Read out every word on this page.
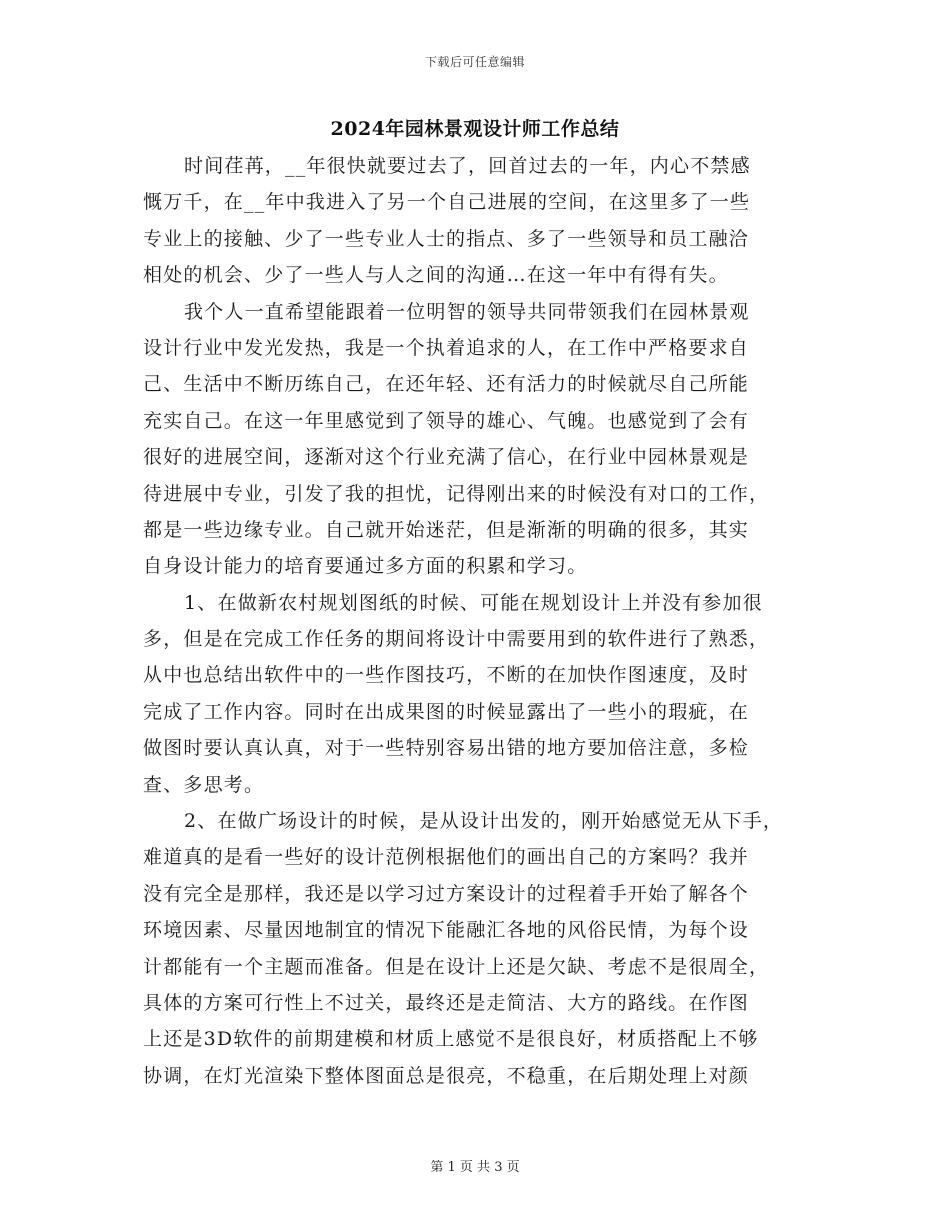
下载后可任意编辑
2024年园林景观设计师工作总结
时间荏苒，__年很快就要过去了，回首过去的一年，内心不禁感
慨万千，在__年中我进入了另一个自己进展的空间，在这里多了一些
专业上的接触、少了一些专业人士的指点、多了一些领导和员工融洽
相处的机会、少了一些人与人之间的沟通…在这一年中有得有失。
我个人一直希望能跟着一位明智的领导共同带领我们在园林景观
设计行业中发光发热，我是一个执着追求的人，在工作中严格要求自
己、生活中不断历练自己，在还年轻、还有活力的时候就尽自己所能
充实自己。在这一年里感觉到了领导的雄心、气魄。也感觉到了会有
很好的进展空间，逐渐对这个行业充满了信心，在行业中园林景观是
待进展中专业，引发了我的担忧，记得刚出来的时候没有对口的工作，
都是一些边缘专业。自己就开始迷茫，但是渐渐的明确的很多，其实
自身设计能力的培育要通过多方面的积累和学习。
1、在做新农村规划图纸的时候、可能在规划设计上并没有参加很
多，但是在完成工作任务的期间将设计中需要用到的软件进行了熟悉，
从中也总结出软件中的一些作图技巧，不断的在加快作图速度，及时
完成了工作内容。同时在出成果图的时候显露出了一些小的瑕疵，在
做图时要认真认真，对于一些特别容易出错的地方要加倍注意，多检
查、多思考。
2、在做广场设计的时候，是从设计出发的，刚开始感觉无从下手，
难道真的是看一些好的设计范例根据他们的画出自己的方案吗？我并
没有完全是那样，我还是以学习过方案设计的过程着手开始了解各个
环境因素、尽量因地制宜的情况下能融汇各地的风俗民情，为每个设
计都能有一个主题而准备。但是在设计上还是欠缺、考虑不是很周全，
具体的方案可行性上不过关，最终还是走简洁、大方的路线。在作图
上还是3D软件的前期建模和材质上感觉不是很良好，材质搭配上不够
协调，在灯光渲染下整体图面总是很亮，不稳重，在后期处理上对颜
第 1 页 共 3 页
